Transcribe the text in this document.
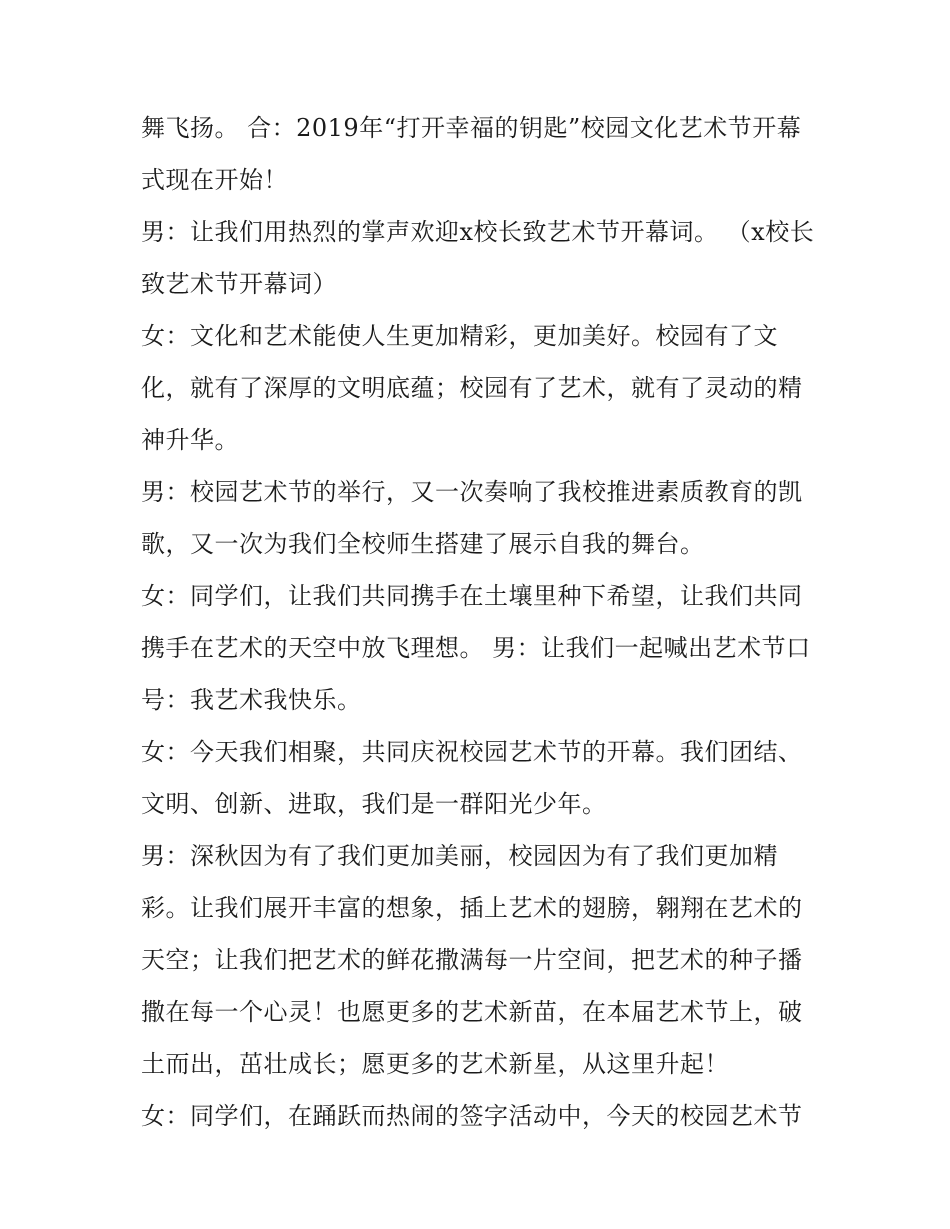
舞飞扬。 合：2019年“打开幸福的钥匙”校园文化艺术节开幕式现在开始！

男：让我们用热烈的掌声欢迎x校长致艺术节开幕词。 （x校长致艺术节开幕词）

女：文化和艺术能使人生更加精彩，更加美好。校园有了文化，就有了深厚的文明底蕴；校园有了艺术，就有了灵动的精神升华。

男：校园艺术节的举行，又一次奏响了我校推进素质教育的凯歌，又一次为我们全校师生搭建了展示自我的舞台。

女：同学们，让我们共同携手在土壤里种下希望，让我们共同携手在艺术的天空中放飞理想。 男：让我们一起喊出艺术节口号：我艺术我快乐。

女：今天我们相聚，共同庆祝校园艺术节的开幕。我们团结、文明、创新、进取，我们是一群阳光少年。

男：深秋因为有了我们更加美丽，校园因为有了我们更加精彩。让我们展开丰富的想象，插上艺术的翅膀，翱翔在艺术的天空；让我们把艺术的鲜花撒满每一片空间，把艺术的种子播撒在每一个心灵！也愿更多的艺术新苗，在本届艺术节上，破土而出，茁壮成长；愿更多的艺术新星，从这里升起！

女：同学们，在踊跃而热闹的签字活动中，今天的校园艺术节
